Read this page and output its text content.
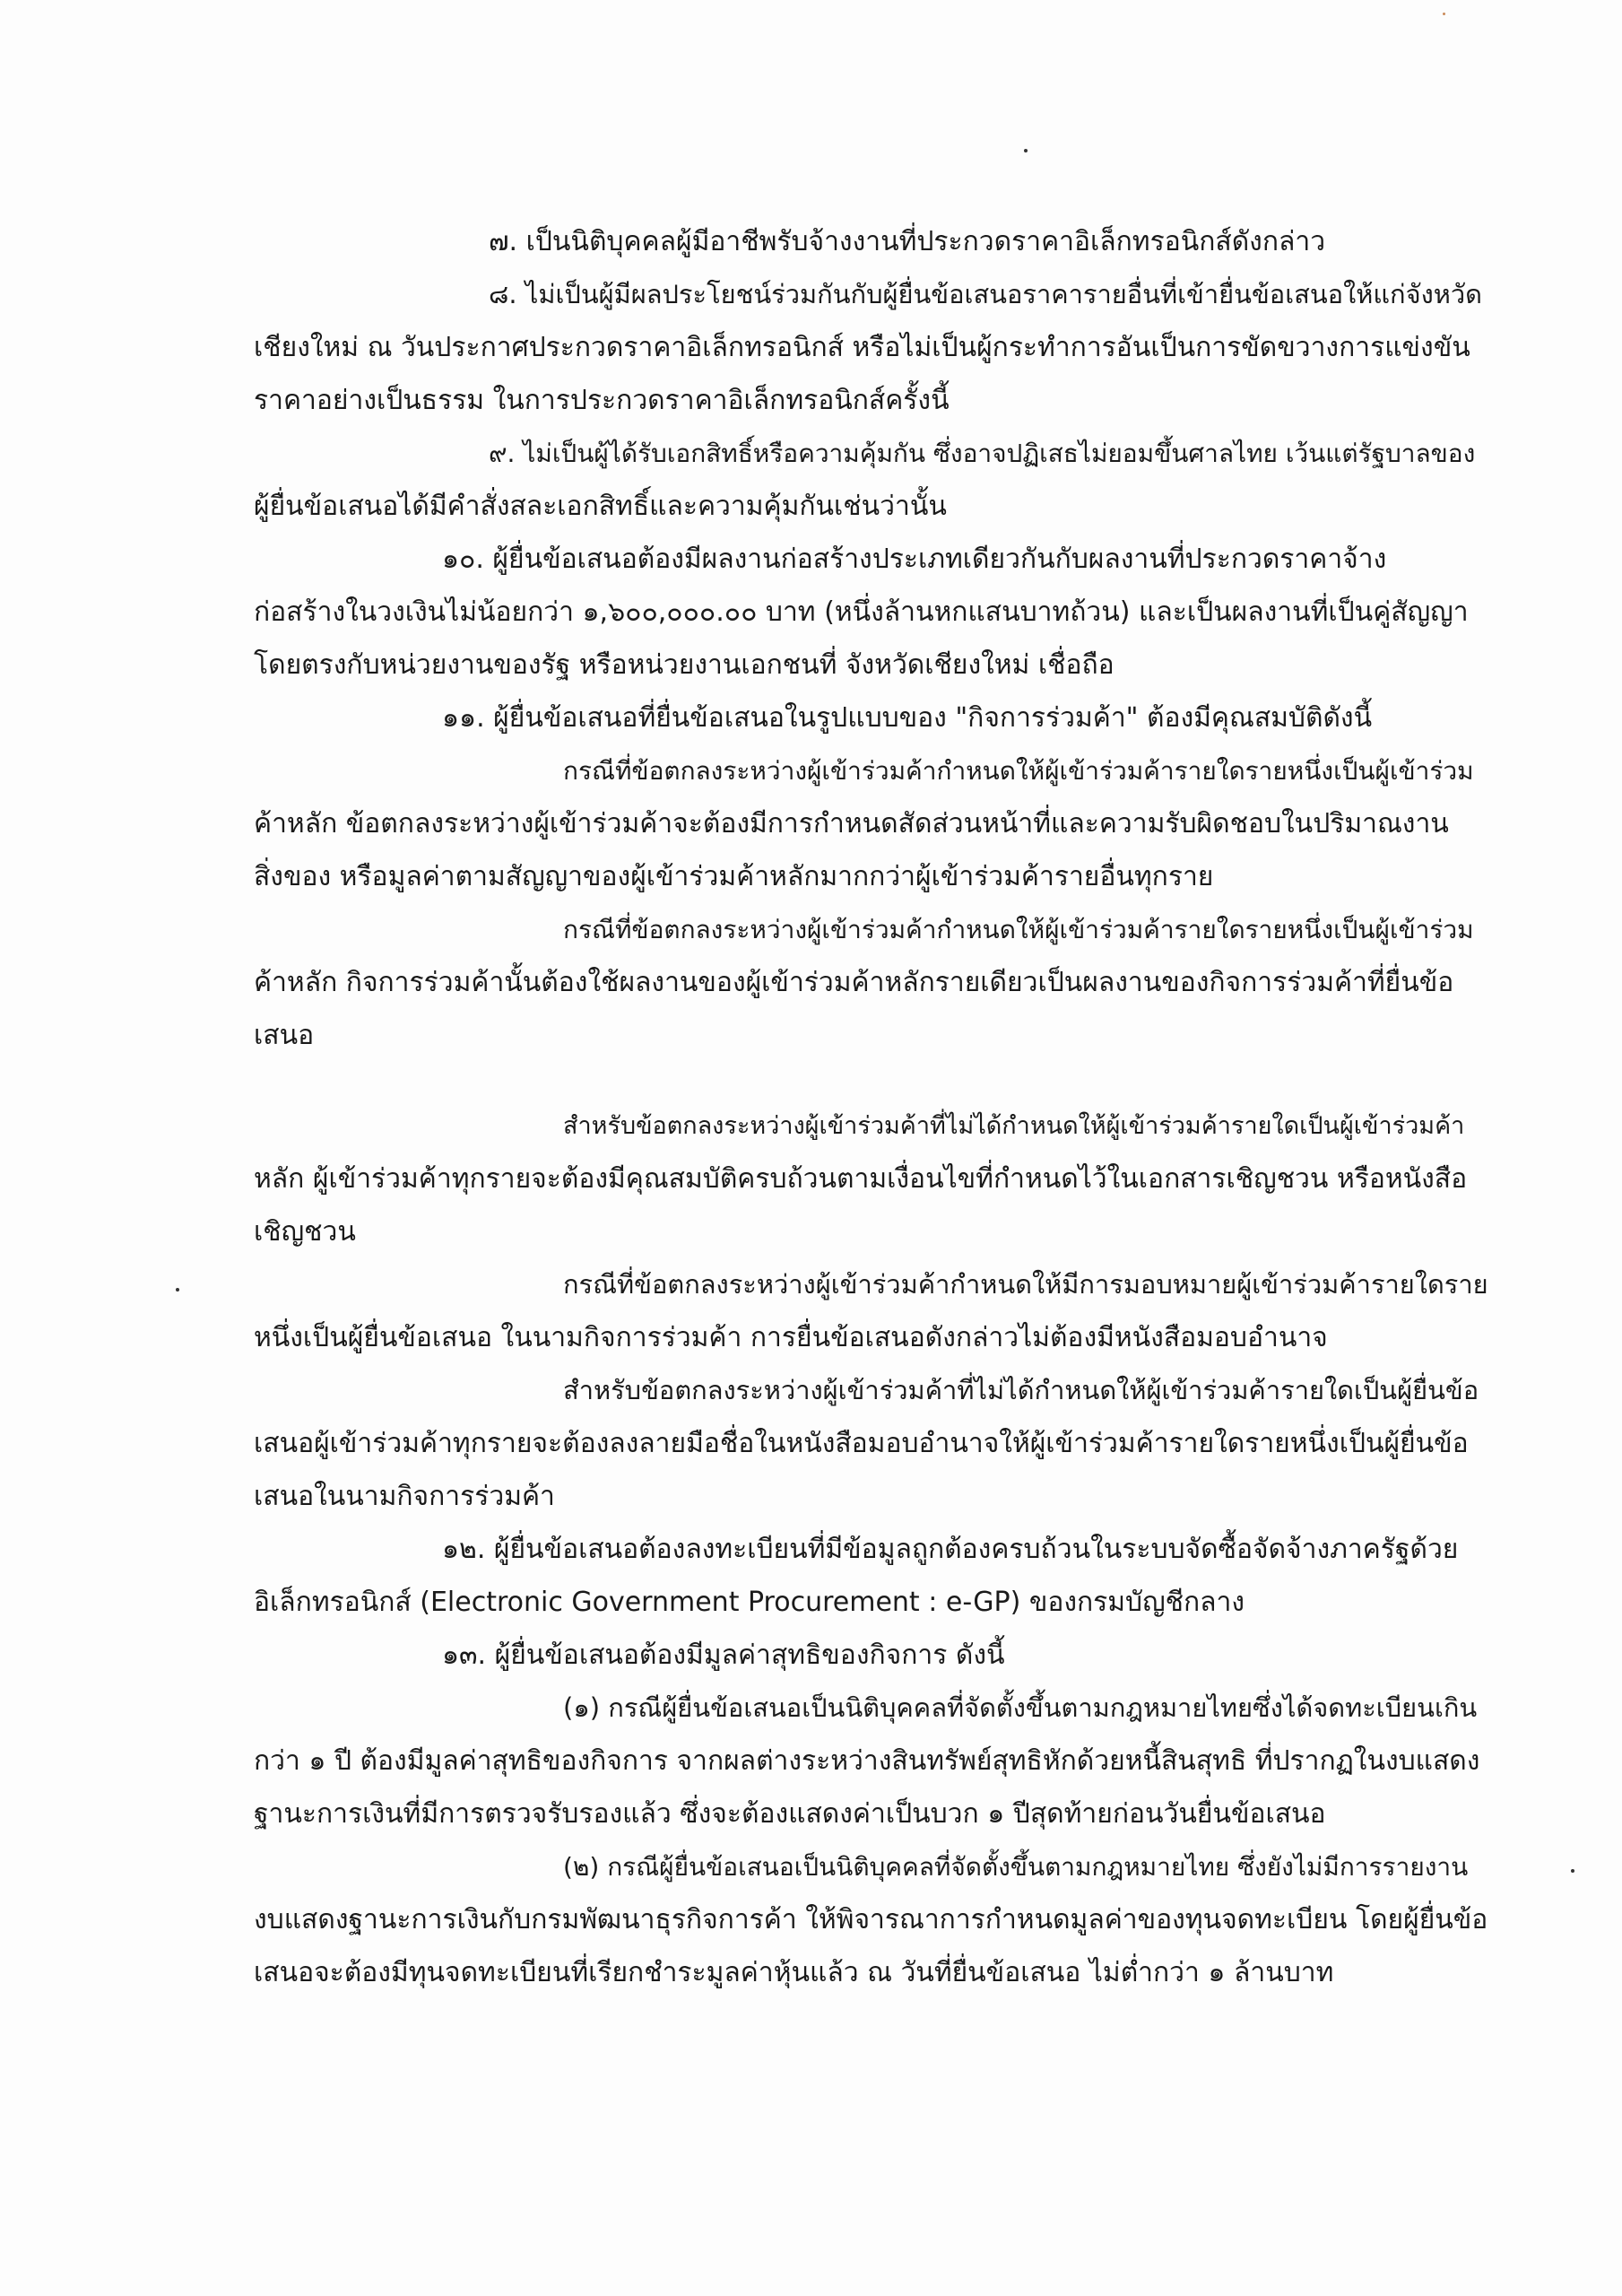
๗. เป็นนิติบุคคลผู้มีอาชีพรับจ้างงานที่ประกวดราคาอิเล็กทรอนิกส์ดังกล่าว
๘. ไม่เป็นผู้มีผลประโยชน์ร่วมกันกับผู้ยื่นข้อเสนอราคารายอื่นที่เข้ายื่นข้อเสนอให้แก่จังหวัด
เชียงใหม่ ณ วันประกาศประกวดราคาอิเล็กทรอนิกส์ หรือไม่เป็นผู้กระทำการอันเป็นการขัดขวางการแข่งขัน
ราคาอย่างเป็นธรรม ในการประกวดราคาอิเล็กทรอนิกส์ครั้งนี้
๙. ไม่เป็นผู้ได้รับเอกสิทธิ์หรือความคุ้มกัน ซึ่งอาจปฏิเสธไม่ยอมขึ้นศาลไทย เว้นแต่รัฐบาลของ
ผู้ยื่นข้อเสนอได้มีคำสั่งสละเอกสิทธิ์และความคุ้มกันเช่นว่านั้น
๑๐. ผู้ยื่นข้อเสนอต้องมีผลงานก่อสร้างประเภทเดียวกันกับผลงานที่ประกวดราคาจ้าง
ก่อสร้างในวงเงินไม่น้อยกว่า ๑,๖๐๐,๐๐๐.๐๐ บาท (หนึ่งล้านหกแสนบาทถ้วน) และเป็นผลงานที่เป็นคู่สัญญา
โดยตรงกับหน่วยงานของรัฐ หรือหน่วยงานเอกชนที่ จังหวัดเชียงใหม่ เชื่อถือ
๑๑. ผู้ยื่นข้อเสนอที่ยื่นข้อเสนอในรูปแบบของ "กิจการร่วมค้า" ต้องมีคุณสมบัติดังนี้
กรณีที่ข้อตกลงระหว่างผู้เข้าร่วมค้ากำหนดให้ผู้เข้าร่วมค้ารายใดรายหนึ่งเป็นผู้เข้าร่วม
ค้าหลัก ข้อตกลงระหว่างผู้เข้าร่วมค้าจะต้องมีการกำหนดสัดส่วนหน้าที่และความรับผิดชอบในปริมาณงาน
สิ่งของ หรือมูลค่าตามสัญญาของผู้เข้าร่วมค้าหลักมากกว่าผู้เข้าร่วมค้ารายอื่นทุกราย
กรณีที่ข้อตกลงระหว่างผู้เข้าร่วมค้ากำหนดให้ผู้เข้าร่วมค้ารายใดรายหนึ่งเป็นผู้เข้าร่วม
ค้าหลัก กิจการร่วมค้านั้นต้องใช้ผลงานของผู้เข้าร่วมค้าหลักรายเดียวเป็นผลงานของกิจการร่วมค้าที่ยื่นข้อ
เสนอ
สำหรับข้อตกลงระหว่างผู้เข้าร่วมค้าที่ไม่ได้กำหนดให้ผู้เข้าร่วมค้ารายใดเป็นผู้เข้าร่วมค้า
หลัก ผู้เข้าร่วมค้าทุกรายจะต้องมีคุณสมบัติครบถ้วนตามเงื่อนไขที่กำหนดไว้ในเอกสารเชิญชวน หรือหนังสือ
เชิญชวน
กรณีที่ข้อตกลงระหว่างผู้เข้าร่วมค้ากำหนดให้มีการมอบหมายผู้เข้าร่วมค้ารายใดราย
หนึ่งเป็นผู้ยื่นข้อเสนอ ในนามกิจการร่วมค้า การยื่นข้อเสนอดังกล่าวไม่ต้องมีหนังสือมอบอำนาจ
สำหรับข้อตกลงระหว่างผู้เข้าร่วมค้าที่ไม่ได้กำหนดให้ผู้เข้าร่วมค้ารายใดเป็นผู้ยื่นข้อ
เสนอผู้เข้าร่วมค้าทุกรายจะต้องลงลายมือชื่อในหนังสือมอบอำนาจให้ผู้เข้าร่วมค้ารายใดรายหนึ่งเป็นผู้ยื่นข้อ
เสนอในนามกิจการร่วมค้า
๑๒. ผู้ยื่นข้อเสนอต้องลงทะเบียนที่มีข้อมูลถูกต้องครบถ้วนในระบบจัดซื้อจัดจ้างภาครัฐด้วย
อิเล็กทรอนิกส์ (Electronic Government Procurement : e-GP) ของกรมบัญชีกลาง
๑๓. ผู้ยื่นข้อเสนอต้องมีมูลค่าสุทธิของกิจการ ดังนี้
(๑) กรณีผู้ยื่นข้อเสนอเป็นนิติบุคคลที่จัดตั้งขึ้นตามกฎหมายไทยซึ่งได้จดทะเบียนเกิน
กว่า ๑ ปี ต้องมีมูลค่าสุทธิของกิจการ จากผลต่างระหว่างสินทรัพย์สุทธิหักด้วยหนี้สินสุทธิ ที่ปรากฏในงบแสดง
ฐานะการเงินที่มีการตรวจรับรองแล้ว ซึ่งจะต้องแสดงค่าเป็นบวก ๑ ปีสุดท้ายก่อนวันยื่นข้อเสนอ
(๒) กรณีผู้ยื่นข้อเสนอเป็นนิติบุคคลที่จัดตั้งขึ้นตามกฎหมายไทย ซึ่งยังไม่มีการรายงาน
งบแสดงฐานะการเงินกับกรมพัฒนาธุรกิจการค้า ให้พิจารณาการกำหนดมูลค่าของทุนจดทะเบียน โดยผู้ยื่นข้อ
เสนอจะต้องมีทุนจดทะเบียนที่เรียกชำระมูลค่าหุ้นแล้ว ณ วันที่ยื่นข้อเสนอ ไม่ต่ำกว่า ๑ ล้านบาท
